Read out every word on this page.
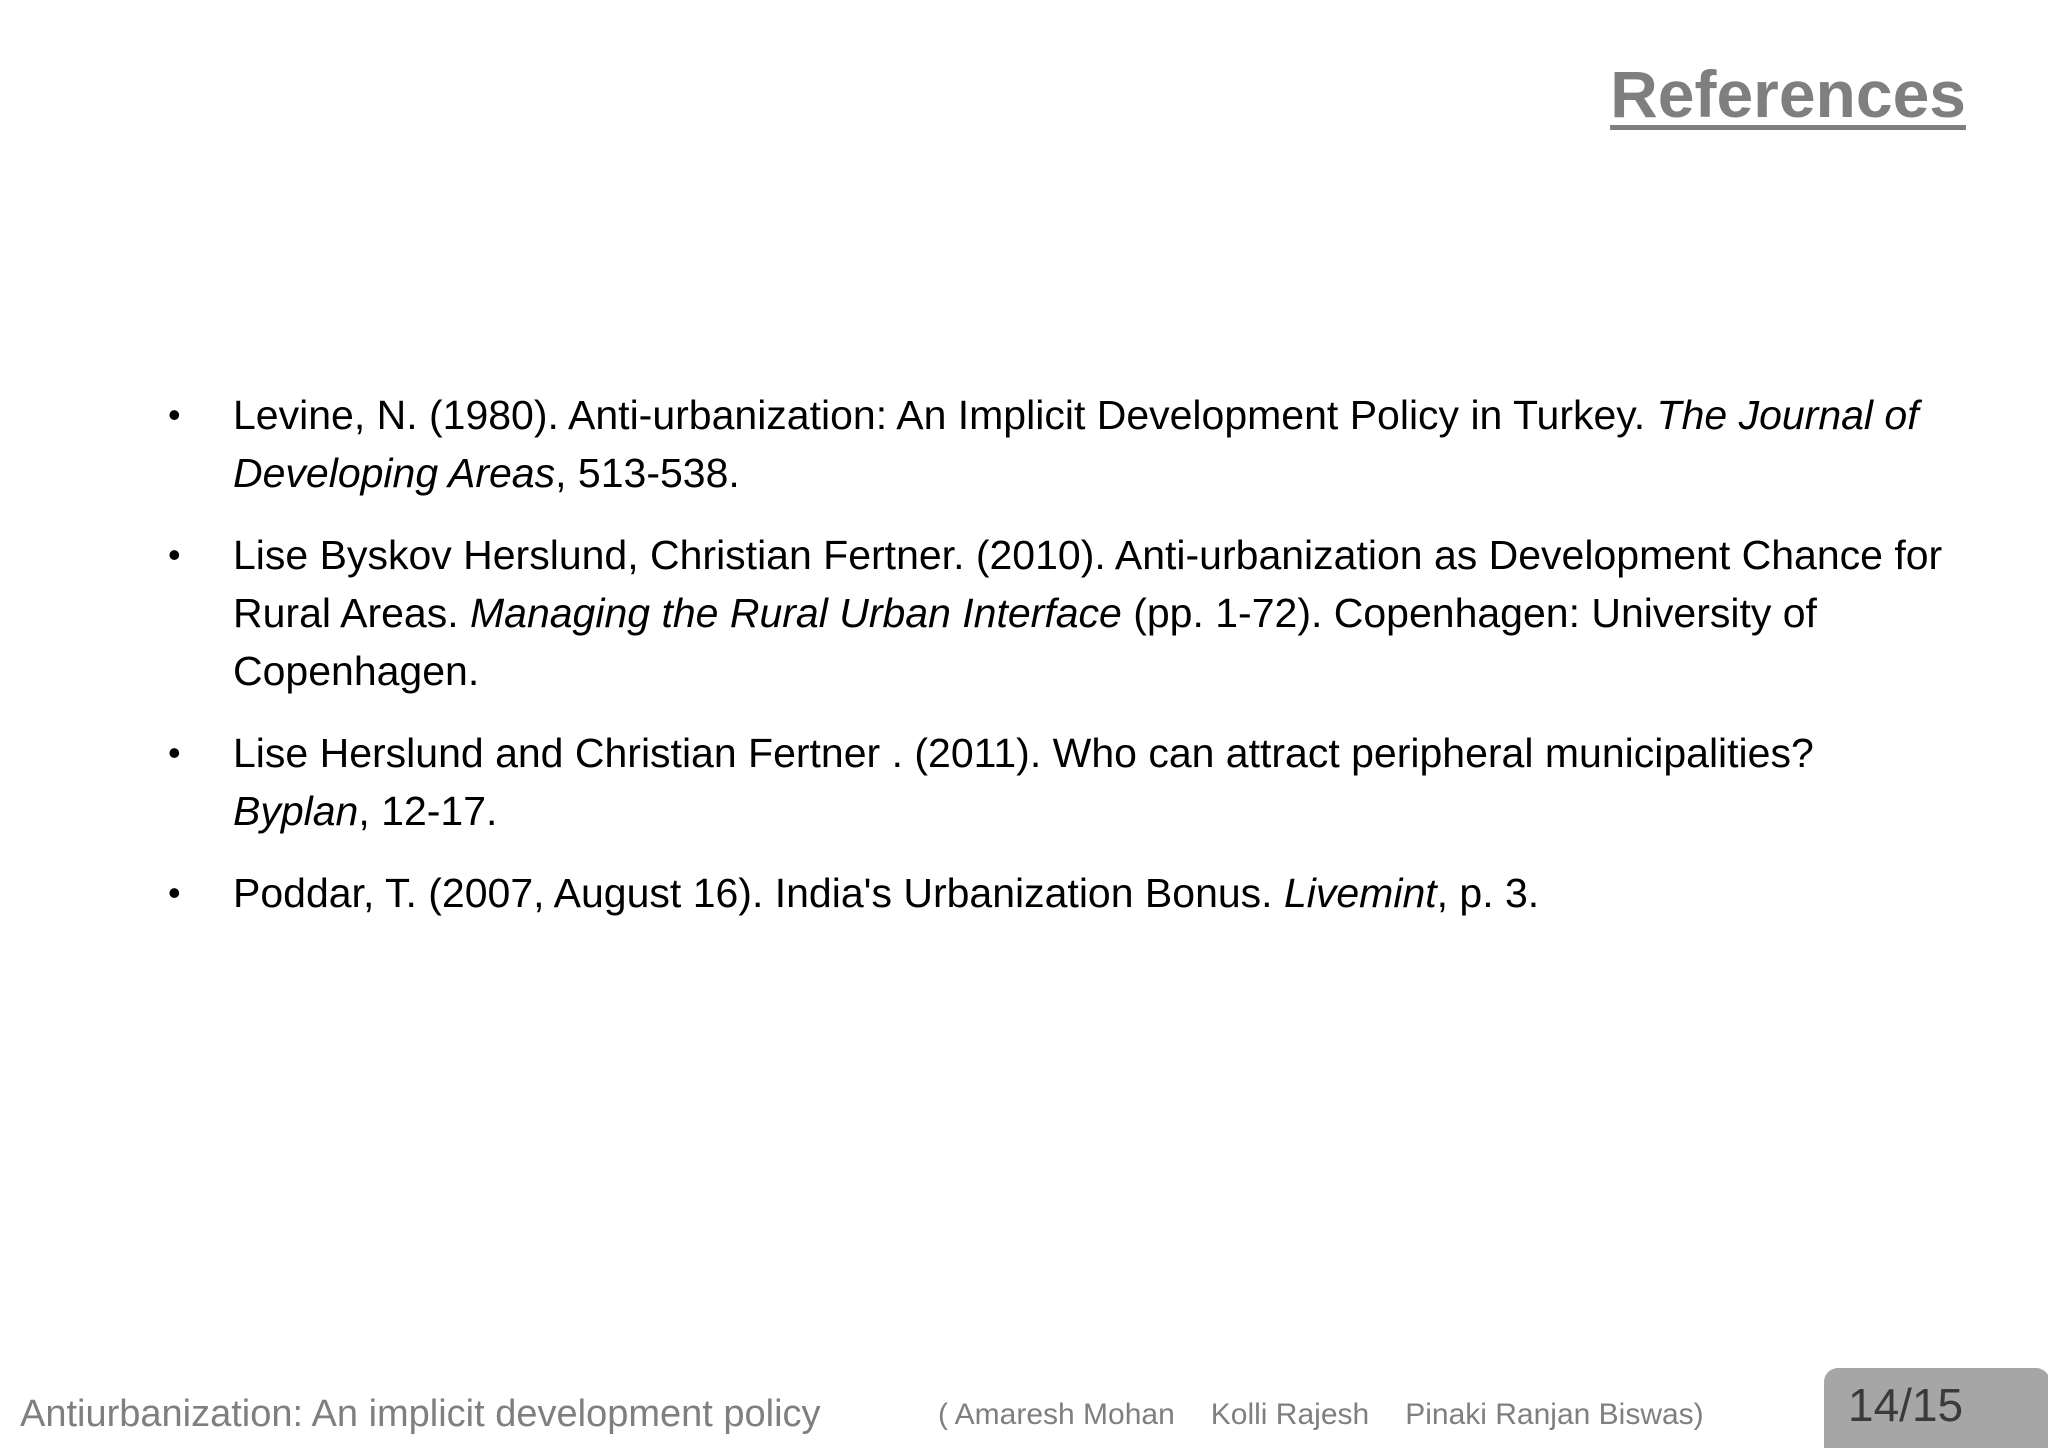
References
• Levine, N. (1980). Anti-urbanization: An Implicit Development Policy in Turkey. The Journal of Developing Areas, 513-538.
• Lise Byskov Herslund, Christian Fertner. (2010). Anti-urbanization as Development Chance for Rural Areas. Managing the Rural Urban Interface (pp. 1-72). Copenhagen: University of Copenhagen.
• Lise Herslund and Christian Fertner . (2011). Who can attract peripheral municipalities? Byplan, 12-17.
• Poddar, T. (2007, August 16). India's Urbanization Bonus. Livemint, p. 3.
Antiurbanization: An implicit development policy	( Amaresh Mohan Kolli Rajesh Pinaki Ranjan Biswas)	14/15
